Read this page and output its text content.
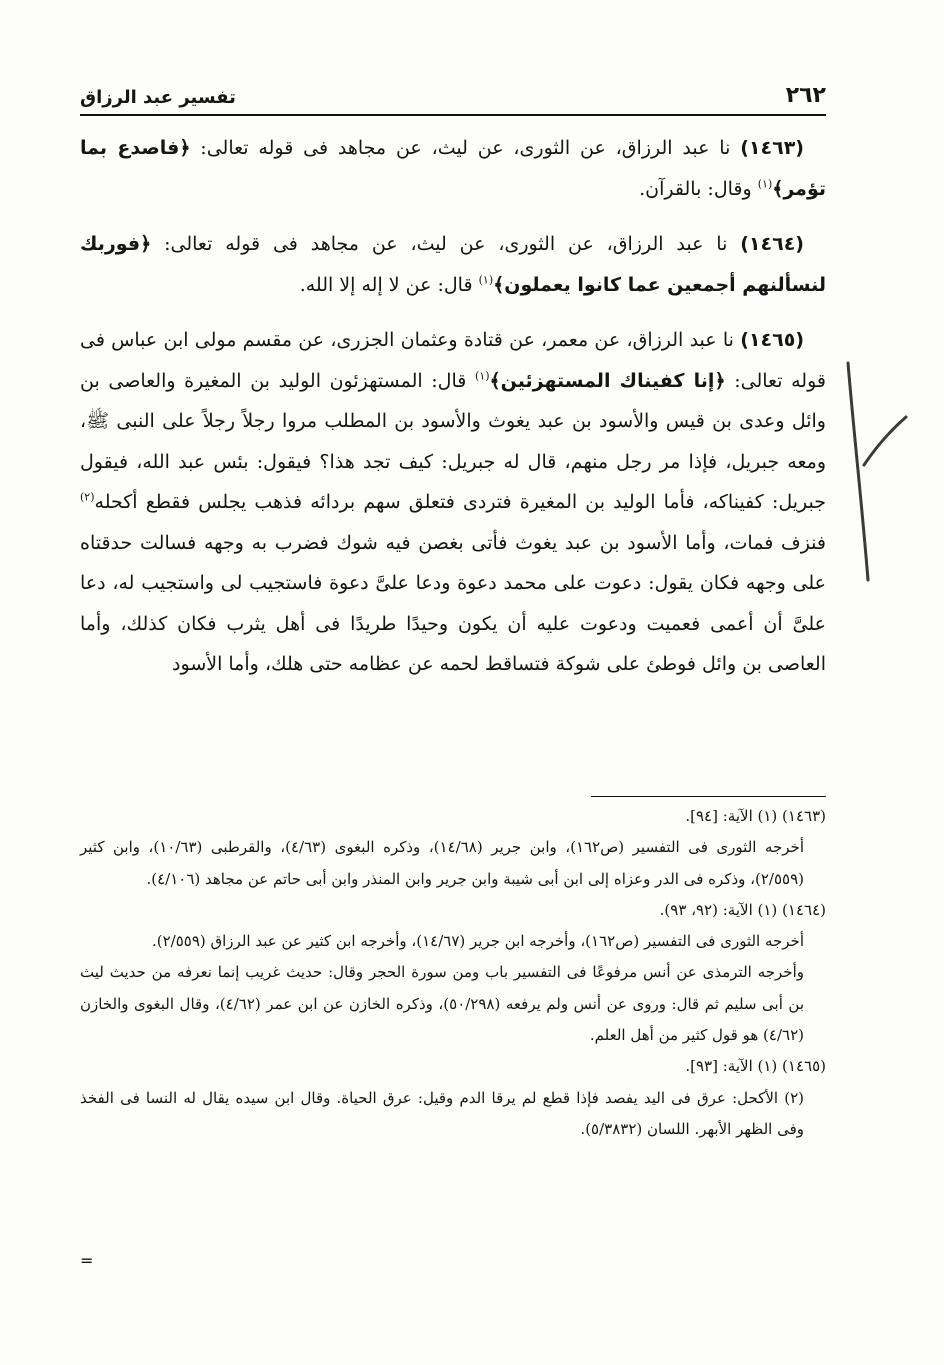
٢٦٢
تفسير عبد الرزاق

(١٤٦٣) نا عبد الرزاق، عن الثورى، عن ليث، عن مجاهد فى قوله تعالى: ﴿فاصدع بما تؤمر﴾$^{(١)}$ وقال: بالقرآن.

(١٤٦٤) نا عبد الرزاق، عن الثورى، عن ليث، عن مجاهد فى قوله تعالى: ﴿فوربك لنسألنهم أجمعين عما كانوا يعملون﴾$^{(١)}$ قال: عن لا إله إلا الله.

(١٤٦٥) نا عبد الرزاق، عن معمر، عن قتادة وعثمان الجزرى، عن مقسم مولى ابن عباس فى قوله تعالى: ﴿إنا كفيناك المستهزئين﴾$^{(١)}$ قال: المستهزئون الوليد بن المغيرة والعاصى بن وائل وعدى بن قيس والأسود بن عبد يغوث والأسود بن المطلب مروا رجلاً رجلاً على النبى ﷺ، ومعه جبريل، فإذا مر رجل منهم، قال له جبريل: كيف تجد هذا؟ فيقول: بئس عبد الله، فيقول جبريل: كفيناكه، فأما الوليد بن المغيرة فتردى فتعلق سهم بردائه فذهب يجلس فقطع أكحله$^{(٢)}$ فنزف فمات، وأما الأسود بن عبد يغوث فأتى بغصن فيه شوك فضرب به وجهه فسالت حدقتاه على وجهه فكان يقول: دعوت على محمد دعوة ودعا علىَّ دعوة فاستجيب لى واستجيب له، دعا علىَّ أن أعمى فعميت ودعوت عليه أن يكون وحيدًا طريدًا فى أهل يثرب فكان كذلك، وأما العاصى بن وائل فوطئ على شوكة فتساقط لحمه عن عظامه حتى هلك، وأما الأسود

(١٤٦٣) (١) الآية: [٩٤].

أخرجه الثورى فى التفسير (ص١٦٢)، وابن جرير (١٤/٦٨)، وذكره البغوى (٤/٦٣)، والقرطبى (١٠/٦٣)، وابن كثير (٢/٥٥٩)، وذكره فى الدر وعزاه إلى ابن أبى شيبة وابن جرير وابن المنذر وابن أبى حاتم عن مجاهد (٤/١٠٦).

(١٤٦٤) (١) الآية: (٩٢، ٩٣).

أخرجه الثورى فى التفسير (ص١٦٢)، وأخرجه ابن جرير (١٤/٦٧)، وأخرجه ابن كثير عن عبد الرزاق (٢/٥٥٩).

وأخرجه الترمذى عن أنس مرفوعًا فى التفسير باب ومن سورة الحجر وقال: حديث غريب إنما نعرفه من حديث ليث بن أبى سليم ثم قال: وروى عن أنس ولم يرفعه (٥٠/٢٩٨)، وذكره الخازن عن ابن عمر (٤/٦٢)، وقال البغوى والخازن (٤/٦٢) هو قول كثير من أهل العلم.

(١٤٦٥) (١) الآية: [٩٣].

(٢) الأكحل: عرق فى اليد يفصد فإذا قطع لم يرقا الدم وقيل: عرق الحياة. وقال ابن سيده يقال له النسا فى الفخذ وفى الظهر الأبهر. اللسان (٥/٣٨٣٢).

=
